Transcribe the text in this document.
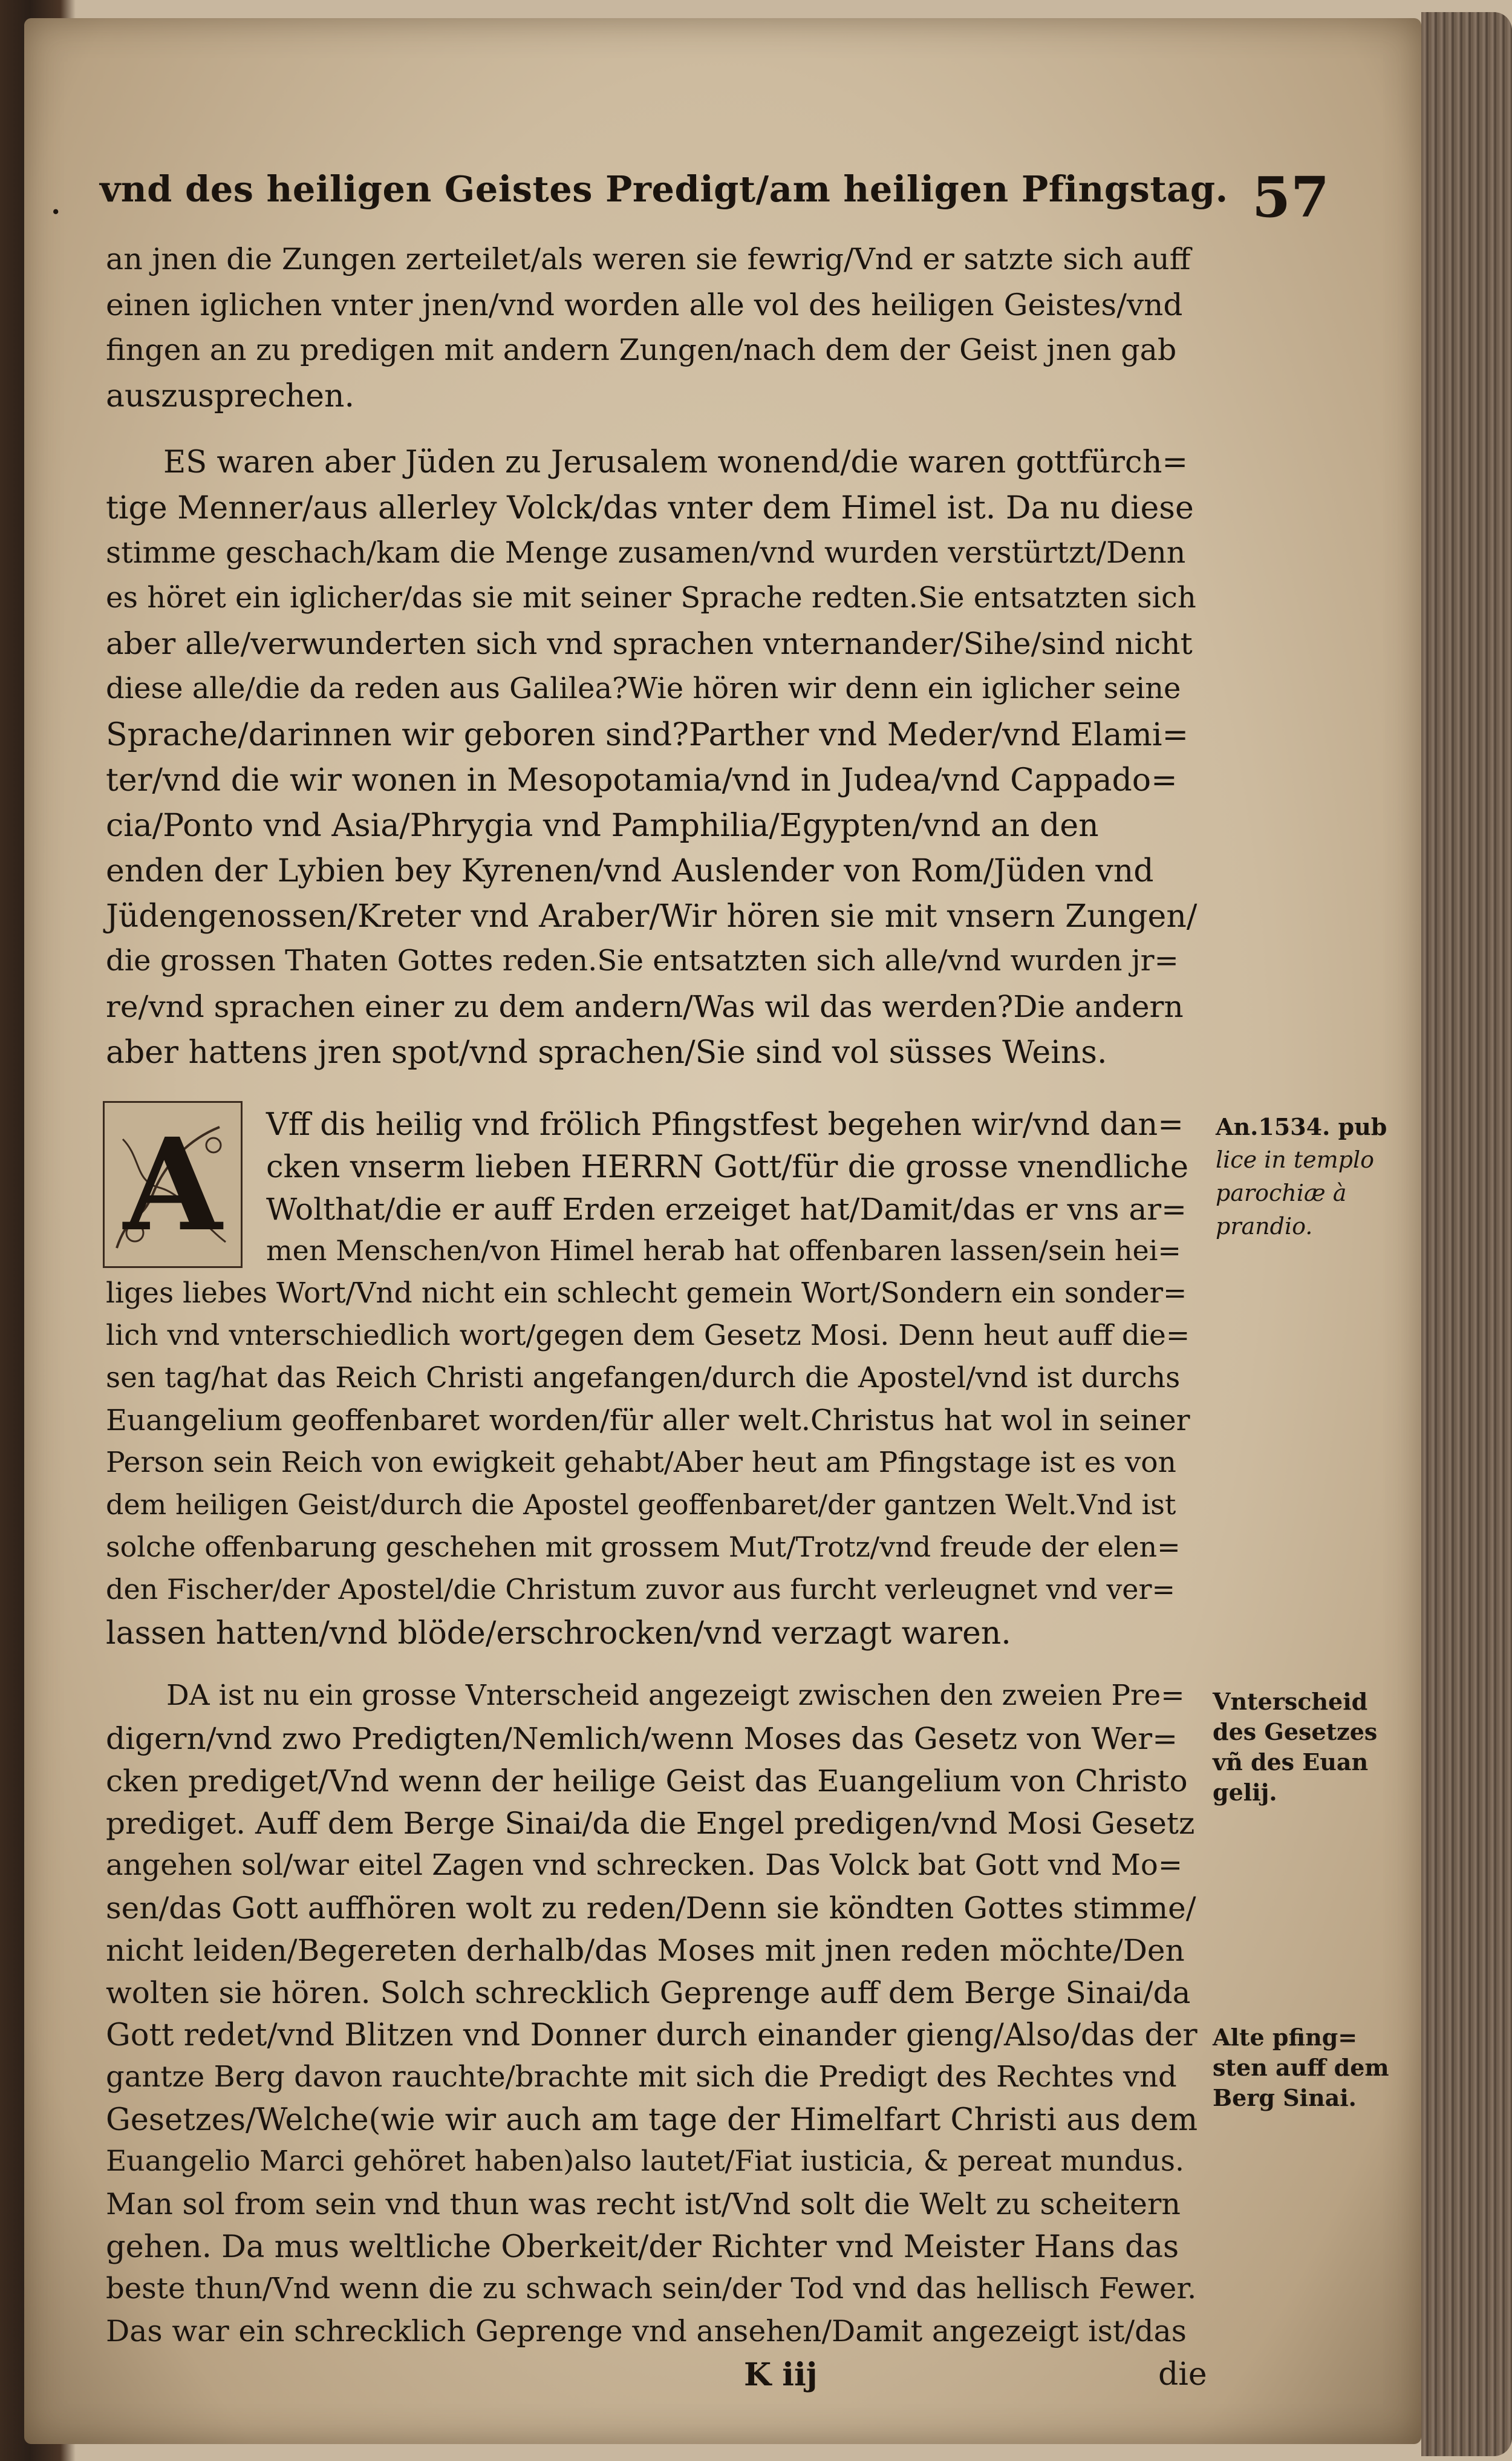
. vnd des heiligen Geistes Predigt/am heiligen Pfingstag. 57
an jnen die Zungen zerteilet/als weren sie fewrig/Vnd er satzte sich auff
einen iglichen vnter jnen/vnd worden alle vol des heiligen Geistes/vnd
fingen an zu predigen mit andern Zungen/nach dem der Geist jnen gab
auszusprechen.
ES waren aber Jüden zu Jerusalem wonend/die waren gottfürch=
tige Menner/aus allerley Volck/das vnter dem Himel ist. Da nu diese
stimme geschach/kam die Menge zusamen/vnd wurden verstürtzt/Denn
es höret ein iglicher/das sie mit seiner Sprache redten.Sie entsatzten sich
aber alle/verwunderten sich vnd sprachen vnternander/Sihe/sind nicht
diese alle/die da reden aus Galilea?Wie hören wir denn ein iglicher seine
Sprache/darinnen wir geboren sind?Parther vnd Meder/vnd Elami=
ter/vnd die wir wonen in Mesopotamia/vnd in Judea/vnd Cappado=
cia/Ponto vnd Asia/Phrygia vnd Pamphilia/Egypten/vnd an den
enden der Lybien bey Kyrenen/vnd Auslender von Rom/Jüden vnd
Jüdengenossen/Kreter vnd Araber/Wir hören sie mit vnsern Zungen/
die grossen Thaten Gottes reden.Sie entsatzten sich alle/vnd wurden jr=
re/vnd sprachen einer zu dem andern/Was wil das werden?Die andern
aber hattens jren spot/vnd sprachen/Sie sind vol süsses Weins.
A Vff dis heilig vnd frölich Pfingstfest begehen wir/vnd dan=
cken vnserm lieben HERRN Gott/für die grosse vnendliche
Wolthat/die er auff Erden erzeiget hat/Damit/das er vns ar=
men Menschen/von Himel herab hat offenbaren lassen/sein hei=
liges liebes Wort/Vnd nicht ein schlecht gemein Wort/Sondern ein sonder=
lich vnd vnterschiedlich wort/gegen dem Gesetz Mosi. Denn heut auff die=
sen tag/hat das Reich Christi angefangen/durch die Apostel/vnd ist durchs
Euangelium geoffenbaret worden/für aller welt.Christus hat wol in seiner
Person sein Reich von ewigkeit gehabt/Aber heut am Pfingstage ist es von
dem heiligen Geist/durch die Apostel geoffenbaret/der gantzen Welt.Vnd ist
solche offenbarung geschehen mit grossem Mut/Trotz/vnd freude der elen=
den Fischer/der Apostel/die Christum zuvor aus furcht verleugnet vnd ver=
lassen hatten/vnd blöde/erschrocken/vnd verzagt waren.
DA ist nu ein grosse Vnterscheid angezeigt zwischen den zweien Pre=
digern/vnd zwo Predigten/Nemlich/wenn Moses das Gesetz von Wer=
cken prediget/Vnd wenn der heilige Geist das Euangelium von Christo
prediget. Auff dem Berge Sinai/da die Engel predigen/vnd Mosi Gesetz
angehen sol/war eitel Zagen vnd schrecken. Das Volck bat Gott vnd Mo=
sen/das Gott auffhören wolt zu reden/Denn sie köndten Gottes stimme/
nicht leiden/Begereten derhalb/das Moses mit jnen reden möchte/Den
wolten sie hören. Solch schrecklich Geprenge auff dem Berge Sinai/da
Gott redet/vnd Blitzen vnd Donner durch einander gieng/Also/das der
gantze Berg davon rauchte/brachte mit sich die Predigt des Rechtes vnd
Gesetzes/Welche(wie wir auch am tage der Himelfart Christi aus dem
Euangelio Marci gehöret haben)also lautet/Fiat iusticia, & pereat mundus.
Man sol from sein vnd thun was recht ist/Vnd solt die Welt zu scheitern
gehen. Da mus weltliche Oberkeit/der Richter vnd Meister Hans das
beste thun/Vnd wenn die zu schwach sein/der Tod vnd das hellisch Fewer.
Das war ein schrecklich Geprenge vnd ansehen/Damit angezeigt ist/das
K iij	die
An.1534. pub
lice in templo
parochiæ à
prandio.
Vnterscheid
des Gesetzes
vñ des Euan
gelij.
Alte pfing=
sten auff dem
Berg Sinai.
